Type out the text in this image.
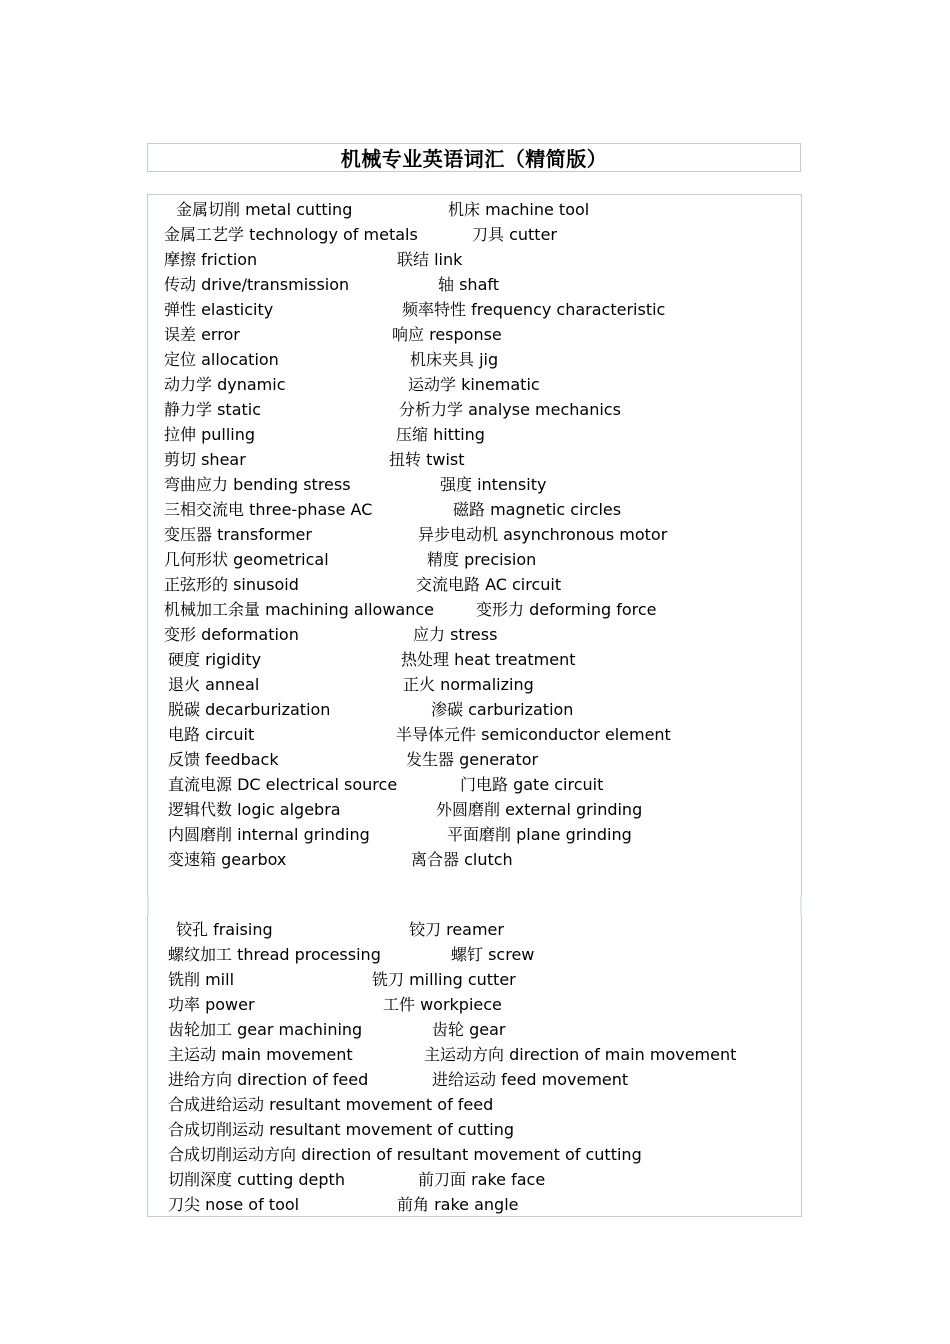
机械专业英语词汇（精简版）
金属切削 metal cutting	机床 machine tool
金属工艺学 technology of metals	刀具 cutter
摩擦 friction	联结 link
传动 drive/transmission	轴 shaft
弹性 elasticity	频率特性 frequency characteristic
误差 error	响应 response
定位 allocation	机床夹具 jig
动力学 dynamic	运动学 kinematic
静力学 static	分析力学 analyse mechanics
拉伸 pulling	压缩 hitting
剪切 shear	扭转 twist
弯曲应力 bending stress	强度 intensity
三相交流电 three-phase AC	磁路 magnetic circles
变压器 transformer	异步电动机 asynchronous motor
几何形状 geometrical	精度 precision
正弦形的 sinusoid	交流电路 AC circuit
机械加工余量 machining allowance	变形力 deforming force
变形 deformation	应力 stress
硬度 rigidity	热处理 heat treatment
退火 anneal	正火 normalizing
脱碳 decarburization	渗碳 carburization
电路 circuit	半导体元件 semiconductor element
反馈 feedback	发生器 generator
直流电源 DC electrical source	门电路 gate circuit
逻辑代数 logic algebra	外圆磨削 external grinding
内圆磨削 internal grinding	平面磨削 plane grinding
变速箱 gearbox	离合器 clutch
铰孔 fraising	铰刀 reamer
螺纹加工 thread processing	螺钉 screw
铣削 mill	铣刀 milling cutter
功率 power	工件 workpiece
齿轮加工 gear machining	齿轮 gear
主运动 main movement	主运动方向 direction of main movement
进给方向 direction of feed	进给运动 feed movement
合成进给运动 resultant movement of feed
合成切削运动 resultant movement of cutting
合成切削运动方向 direction of resultant movement of cutting
切削深度 cutting depth	前刀面 rake face
刀尖 nose of tool	前角 rake angle
